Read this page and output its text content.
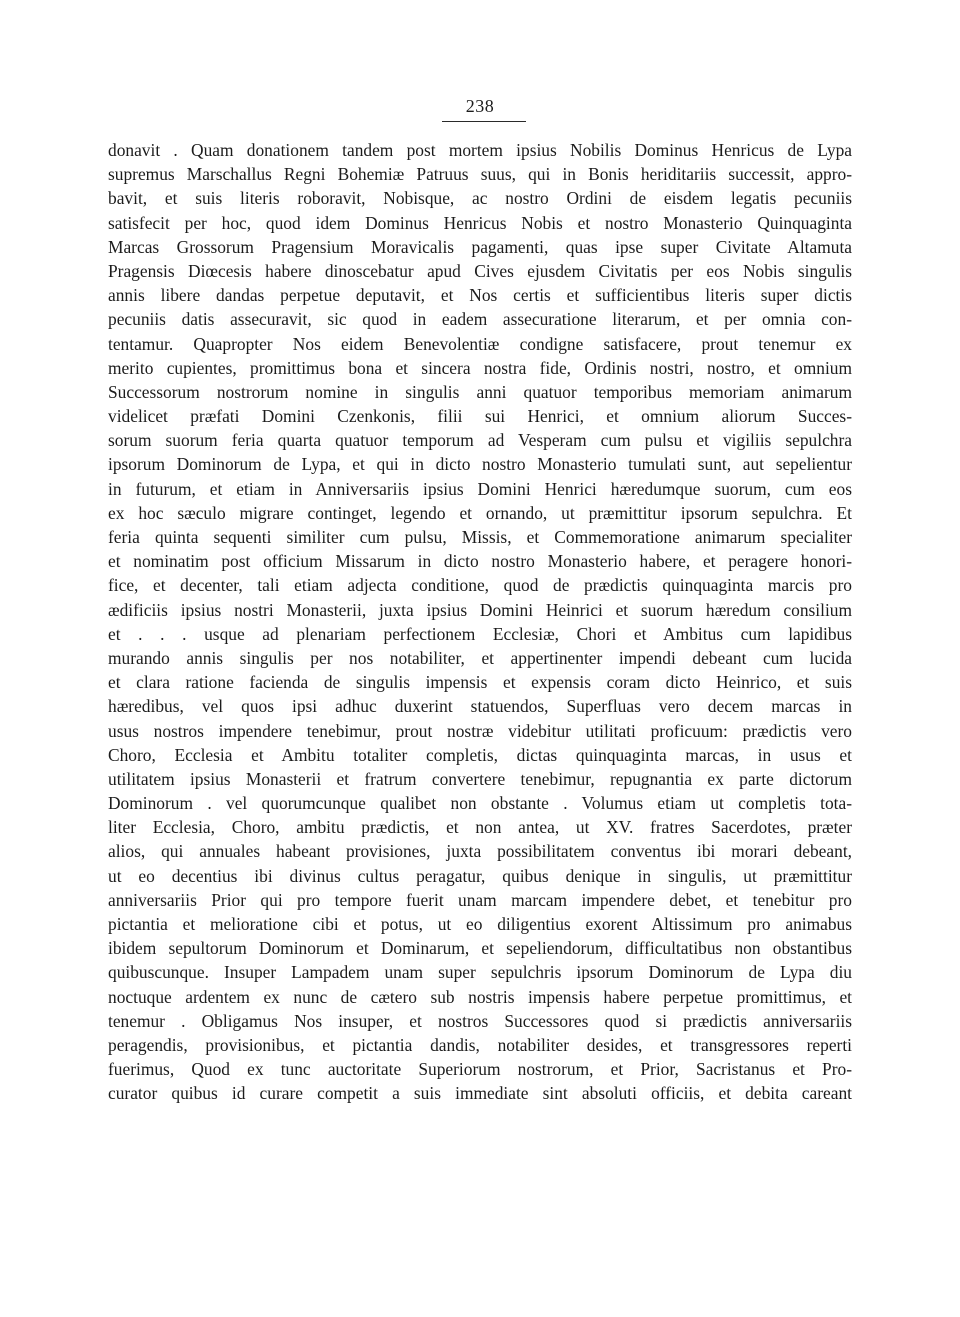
238
donavit . Quam donationem tandem post mortem ipsius Nobilis Dominus Henricus de Lypa
supremus Marschallus Regni Bohemiæ Patruus suus, qui in Bonis heriditariis successit, appro-
bavit, et suis literis roboravit, Nobisque, ac nostro Ordini de eisdem legatis pecuniis
satisfecit per hoc, quod idem Dominus Henricus Nobis et nostro Monasterio Quinquaginta
Marcas Grossorum Pragensium Moravicalis pagamenti, quas ipse super Civitate Altamuta
Pragensis Diœcesis habere dinoscebatur apud Cives ejusdem Civitatis per eos Nobis singulis
annis libere dandas perpetue deputavit, et Nos certis et sufficientibus literis super dictis
pecuniis datis assecuravit, sic quod in eadem assecuratione literarum, et per omnia con-
tentamur. Quapropter Nos eidem Benevolentiæ condigne satisfacere, prout tenemur ex
merito cupientes, promittimus bona et sincera nostra fide, Ordinis nostri, nostro, et omnium
Successorum nostrorum nomine in singulis anni quatuor temporibus memoriam animarum
videlicet præfati Domini Czenkonis, filii sui Henrici, et omnium aliorum Succes-
sorum suorum feria quarta quatuor temporum ad Vesperam cum pulsu et vigiliis sepulchra
ipsorum Dominorum de Lypa, et qui in dicto nostro Monasterio tumulati sunt, aut sepelientur
in futurum, et etiam in Anniversariis ipsius Domini Henrici hæredumque suorum, cum eos
ex hoc sæculo migrare continget, legendo et ornando, ut præmittitur ipsorum sepulchra. Et
feria quinta sequenti similiter cum pulsu, Missis, et Commemoratione animarum specialiter
et nominatim post officium Missarum in dicto nostro Monasterio habere, et peragere honori-
fice, et decenter, tali etiam adjecta conditione, quod de prædictis quinquaginta marcis pro
ædificiis ipsius nostri Monasterii, juxta ipsius Domini Heinrici et suorum hæredum consilium
et . . . usque ad plenariam perfectionem Ecclesiæ, Chori et Ambitus cum lapidibus
murando annis singulis per nos notabiliter, et appertinenter impendi debeant cum lucida
et clara ratione facienda de singulis impensis et expensis coram dicto Heinrico, et suis
hæredibus, vel quos ipsi adhuc duxerint statuendos, Superfluas vero decem marcas in
usus nostros impendere tenebimur, prout nostræ videbitur utilitati proficuum: prædictis vero
Choro, Ecclesia et Ambitu totaliter completis, dictas quinquaginta marcas, in usus et
utilitatem ipsius Monasterii et fratrum convertere tenebimur, repugnantia ex parte dictorum
Dominorum . vel quorumcunque qualibet non obstante . Volumus etiam ut completis tota-
liter Ecclesia, Choro, ambitu prædictis, et non antea, ut XV. fratres Sacerdotes, præter
alios, qui annuales habeant provisiones, juxta possibilitatem conventus ibi morari debeant,
ut eo decentius ibi divinus cultus peragatur, quibus denique in singulis, ut præmittitur
anniversariis Prior qui pro tempore fuerit unam marcam impendere debet, et tenebitur pro
pictantia et melioratione cibi et potus, ut eo diligentius exorent Altissimum pro animabus
ibidem sepultorum Dominorum et Dominarum, et sepeliendorum, difficultatibus non obstantibus
quibuscunque. Insuper Lampadem unam super sepulchris ipsorum Dominorum de Lypa diu
noctuque ardentem ex nunc de cætero sub nostris impensis habere perpetue promittimus, et
tenemur . Obligamus Nos insuper, et nostros Successores quod si prædictis anniversariis
peragendis, provisionibus, et pictantia dandis, notabiliter desides, et transgressores reperti
fuerimus, Quod ex tunc auctoritate Superiorum nostrorum, et Prior, Sacristanus et Pro-
curator quibus id curare competit a suis immediate sint absoluti officiis, et debita careant
